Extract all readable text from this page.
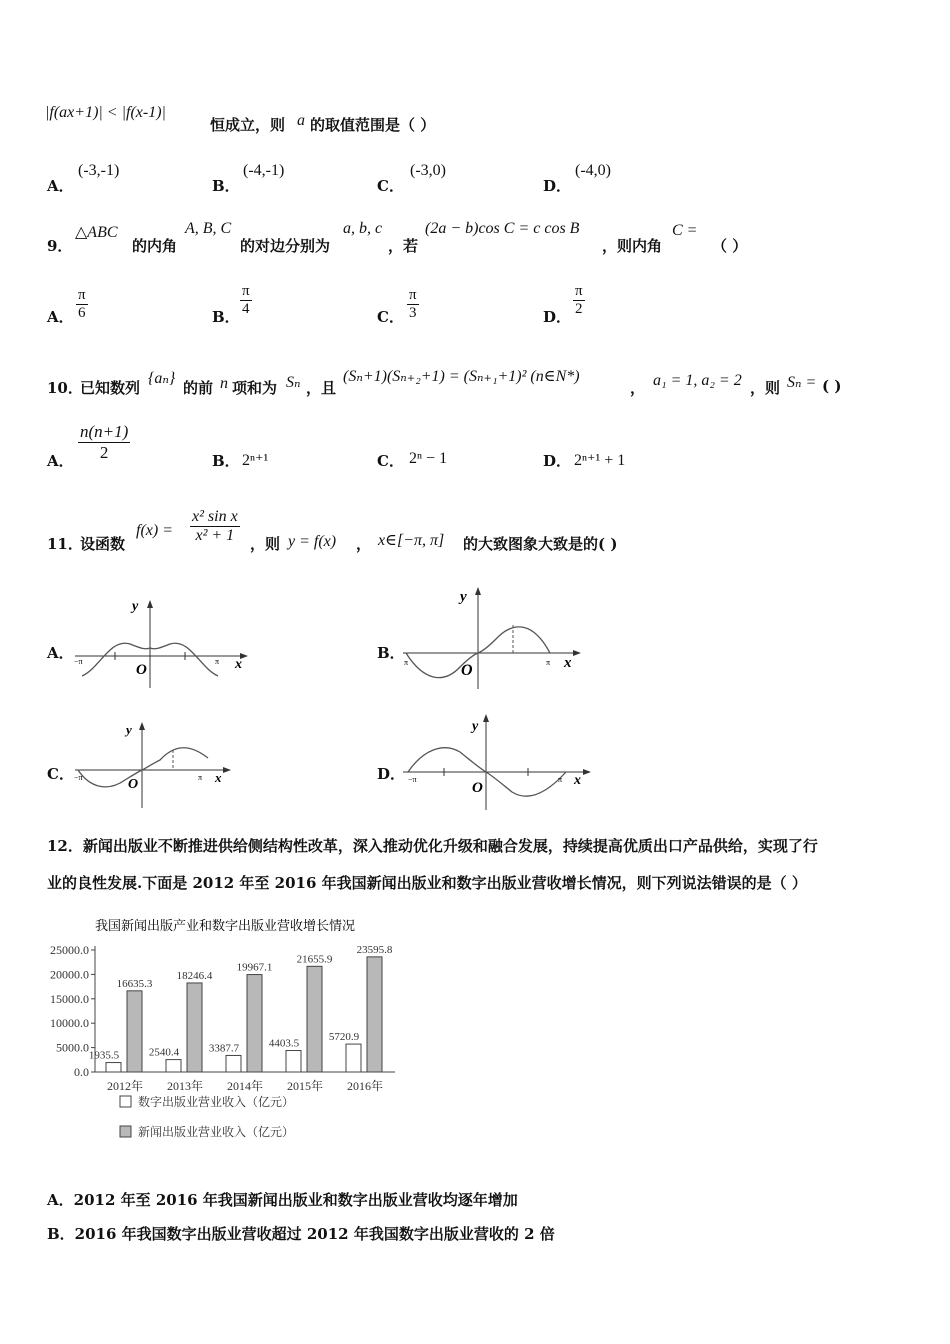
|f(ax+1)| < |f(x-1)|
恒成立，则 a 的取值范围是（ ）
A．
(-3,-1)
B．
(-4,-1)
C．
(-3,0)
D．
(-4,0)
9．
△ABC
的内角
A, B, C
的对边分别为
a, b, c
，若
(2a − b)cos C = c cos B
，则内角
C =
（ ）
A． $\frac{\pi}{6}$	B． $\frac{\pi}{4}$	C． $\frac{\pi}{3}$	D． $\frac{\pi}{2}$
10．
已知数列
{aₙ}
的前 n 项和为 Sₙ ，且
(Sₙ+1)(Sₙ₊₂+1) = (Sₙ₊₁+1)² (n∈N*)
， a₁ = 1, a₂ = 2 ，则 Sₙ = ( )
A． $\frac{n(n+1)}{2}$	B． 2ⁿ⁺¹	C． 2ⁿ − 1	D． 2ⁿ⁺¹ + 1
11．
设函数
$f(x) = \frac{\text{x² sin x}}{\text{x² + 1}}$ ，则 y = f(x) ， x∈[−π, π] 的大致图象大致是的( )
A．
y
O	x
−π	π	B．
y
O	x
π	π
C．
y
O	x
−π	π	D．
y
O	x
−π	π
12．新闻出版业不断推进供给侧结构性改革，深入推动优化升级和融合发展，持续提高优质出口产品供给，实现了行
业的良性发展.下面是 2012 年至 2016 年我国新闻出版业和数字出版业营收增长情况，则下列说法错误的是（ ）
我国新闻出版产业和数字出版业营收增长情况
25000.0
20000.0
15000.0
10000.0
5000.0
0.0
1935.5
16635.3
2012年
2540.4
18246.4
2013年
3387.7
19967.1
2014年
4403.5
21655.9
2015年
5720.9
23595.8
2016年
数字出版业营业收入（亿元）
新闻出版业营业收入（亿元）
A．2012 年至 2016 年我国新闻出版业和数字出版业营收均逐年增加
B．2016 年我国数字出版业营收超过 2012 年我国数字出版业营收的 2 倍
